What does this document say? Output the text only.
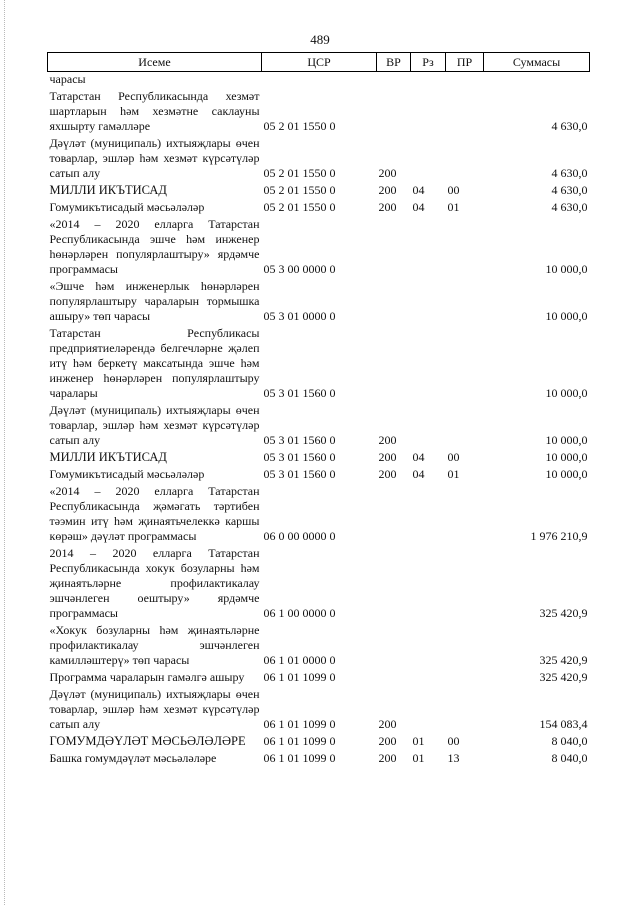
489
Исеме	ЦСР	ВР	Рз	ПР	Суммасы
чарасы					
Татарстан Республикасында хезмәт шартларын һәм хезмәтне саклауны яхшырту гамәлләре	05 2 01 1550 0				4 630,0
Дәүләт (муниципаль) ихтыяҗлары өчен товарлар, эшләр һәм хезмәт күрсәтүләр сатып алу	05 2 01 1550 0	200			4 630,0
МИЛЛИ ИКЪТИСАД	05 2 01 1550 0	200	04	00	4 630,0
Гомумикътисадый мәсьәләләр	05 2 01 1550 0	200	04	01	4 630,0
«2014 – 2020 елларга Татарстан Республикасында эшче һәм инженер һөнәрләрен популярлаштыру» ярдәмче программасы	05 3 00 0000 0				10 000,0
«Эшче һәм инженерлык һөнәрләрен популярлаштыру чараларын тормышка ашыру» төп чарасы	05 3 01 0000 0				10 000,0
Татарстан Республикасы предприятиеләрендә белгечләрне җәлеп итү һәм беркетү максатында эшче һәм инженер һөнәрләрен популярлаштыру чаралары	05 3 01 1560 0				10 000,0
Дәүләт (муниципаль) ихтыяҗлары өчен товарлар, эшләр һәм хезмәт күрсәтүләр сатып алу	05 3 01 1560 0	200			10 000,0
МИЛЛИ ИКЪТИСАД	05 3 01 1560 0	200	04	00	10 000,0
Гомумикътисадый мәсьәләләр	05 3 01 1560 0	200	04	01	10 000,0
«2014 – 2020 елларга Татарстан Республикасында җәмәгать тәртибен тәэмин итү һәм җинаятьчелеккә каршы көрәш» дәүләт программасы	06 0 00 0000 0				1 976 210,9
2014 – 2020 елларга Татарстан Республикасында хокук бозуларны һәм җинаятьләрне профилактикалау эшчәнлеген оештыру» ярдәмче программасы	06 1 00 0000 0				325 420,9
«Хокук бозуларны һәм җинаятьләрне профилактикалау эшчәнлеген камилләштерү» төп чарасы	06 1 01 0000 0				325 420,9
Программа чараларын гамәлгә ашыру	06 1 01 1099 0				325 420,9
Дәүләт (муниципаль) ихтыяҗлары өчен товарлар, эшләр һәм хезмәт күрсәтүләр сатып алу	06 1 01 1099 0	200			154 083,4
ГОМУМДӘҮЛӘТ МӘСЬӘЛӘЛӘРЕ	06 1 01 1099 0	200	01	00	8 040,0
Башка гомумдәүләт мәсьәләләре	06 1 01 1099 0	200	01	13	8 040,0
